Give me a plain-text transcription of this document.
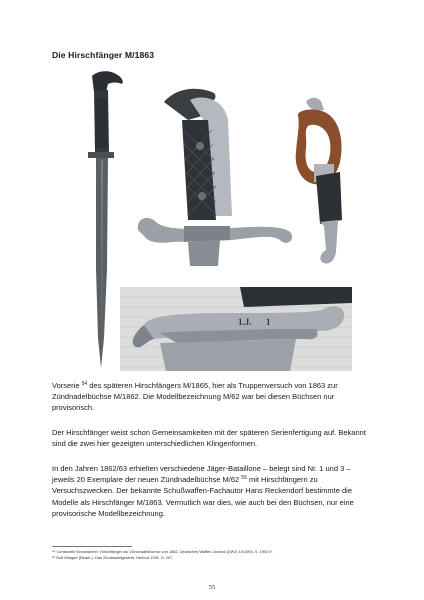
Die Hirschfänger M/1863
1.J. 1

Vorserie $^{54}$ des späteren Hirschfängers M/1865, hier als Truppenversuch von 1863 zur Zündnadelbüchse M/1862. Die Modellbezeichnung M/62 war bei diesen Büchsen nur provisorisch.

Der Hirschfänger weist schon Gemeinsamkeiten mit der späteren Serienfertigung auf. Bekannt sind die zwei hier gezeigten unterschiedlichen Klingenformen.

In den Jahren 1862/63 erhielten verschiedene Jäger-Bataillone – belegt sind Nr. 1 und 3 – jeweils 20 Exemplare der neuen Zündnadelbüchse M/62 $^{55}$ mit Hirschfängern zu Versuchszwecken. Der bekannte Schußwaffen-Fachautor Hans Reckendorf bestimmte die Modelle als Hirschfänger M/1863. Vermutlich war dies, wie auch bei den Büchsen, nur eine provisorische Modellbezeichnung.

⁵⁴ Constantin Schumacher: Hirschfänger zur Zündnadelbüchse von 1862, Deutsches Waffen-Journal (DWJ) 10/1993. S. 1902 ff.
⁵⁵ Rolf Wirtgen (Bearb.): Das Zündnadelgewehr, Herford 1991. S. 207.
55
